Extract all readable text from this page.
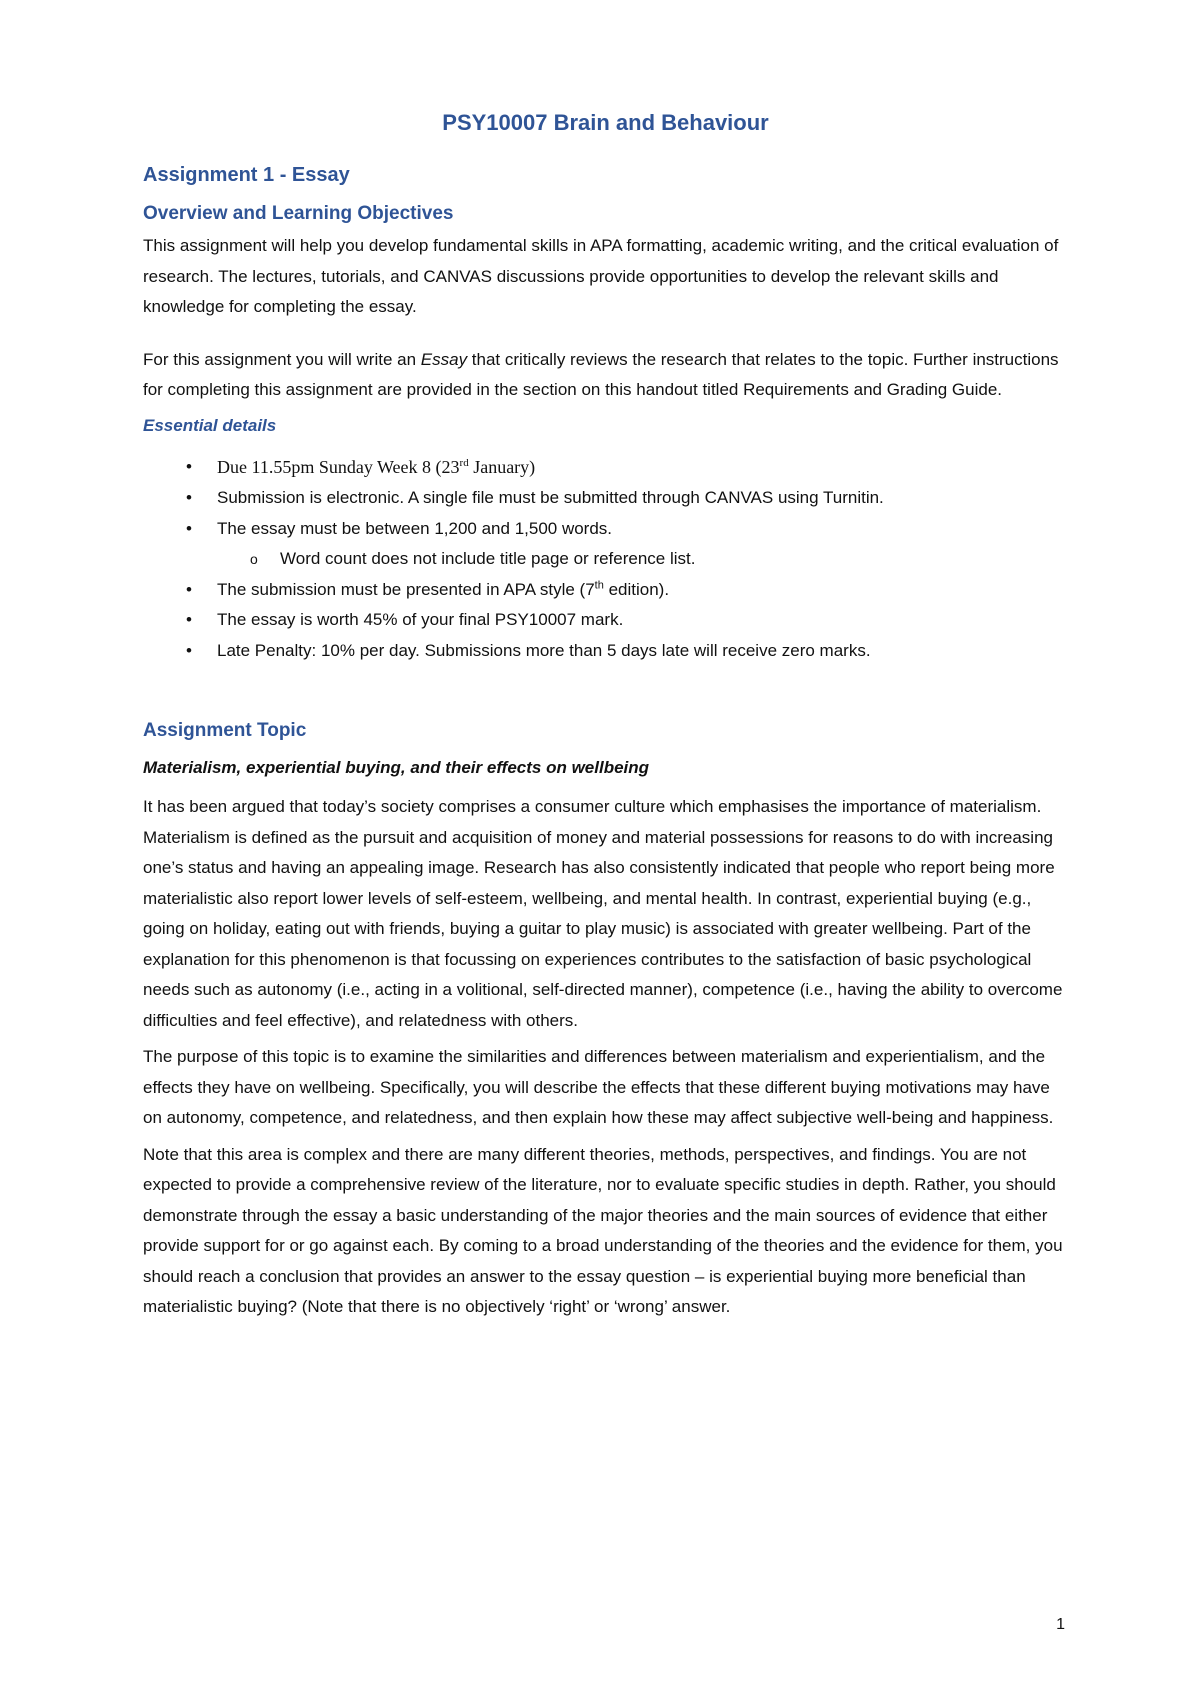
PSY10007 Brain and Behaviour
Assignment 1 - Essay
Overview and Learning Objectives

This assignment will help you develop fundamental skills in APA formatting, academic writing, and the critical evaluation of research. The lectures, tutorials, and CANVAS discussions provide opportunities to develop the relevant skills and knowledge for completing the essay.

For this assignment you will write an Essay that critically reviews the research that relates to the topic. Further instructions for completing this assignment are provided in the section on this handout titled Requirements and Grading Guide.

Essential details
• Due 11.55pm Sunday Week 8 (23rd January)
• Submission is electronic. A single file must be submitted through CANVAS using Turnitin.
• The essay must be between 1,200 and 1,500 words.
o Word count does not include title page or reference list.
• The submission must be presented in APA style (7th edition).
• The essay is worth 45% of your final PSY10007 mark.
• Late Penalty: 10% per day. Submissions more than 5 days late will receive zero marks.
Assignment Topic
Materialism, experiential buying, and their effects on wellbeing

It has been argued that today’s society comprises a consumer culture which emphasises the importance of materialism. Materialism is defined as the pursuit and acquisition of money and material possessions for reasons to do with increasing one’s status and having an appealing image. Research has also consistently indicated that people who report being more materialistic also report lower levels of self-esteem, wellbeing, and mental health. In contrast, experiential buying (e.g., going on holiday, eating out with friends, buying a guitar to play music) is associated with greater wellbeing. Part of the explanation for this phenomenon is that focussing on experiences contributes to the satisfaction of basic psychological needs such as autonomy (i.e., acting in a volitional, self-directed manner), competence (i.e., having the ability to overcome difficulties and feel effective), and relatedness with others.

The purpose of this topic is to examine the similarities and differences between materialism and experientialism, and the effects they have on wellbeing. Specifically, you will describe the effects that these different buying motivations may have on autonomy, competence, and relatedness, and then explain how these may affect subjective well-being and happiness.

Note that this area is complex and there are many different theories, methods, perspectives, and findings. You are not expected to provide a comprehensive review of the literature, nor to evaluate specific studies in depth. Rather, you should demonstrate through the essay a basic understanding of the major theories and the main sources of evidence that either provide support for or go against each. By coming to a broad understanding of the theories and the evidence for them, you should reach a conclusion that provides an answer to the essay question – is experiential buying more beneficial than materialistic buying? (Note that there is no objectively ‘right’ or ‘wrong’ answer.

1
